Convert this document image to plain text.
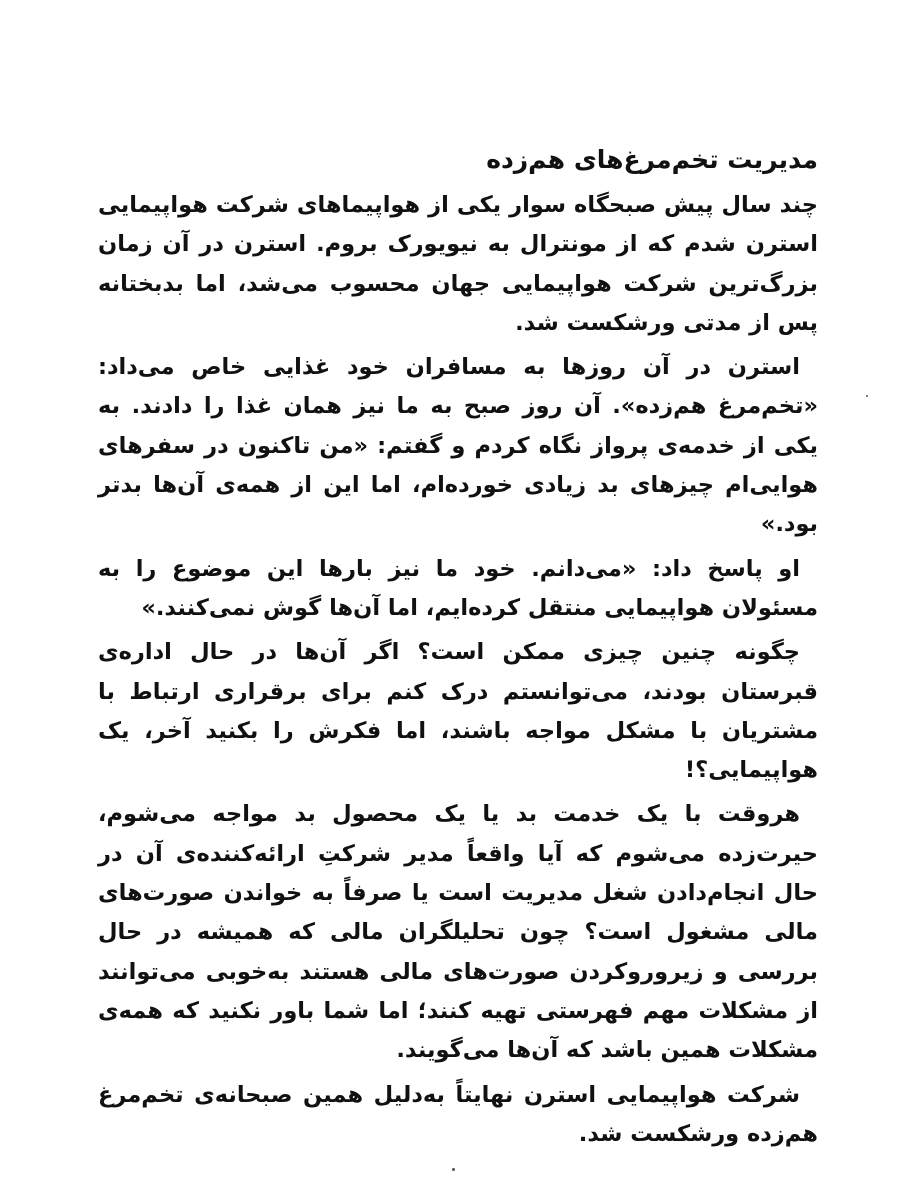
مدیریت تخم‌مرغ‌های هم‌زده

چند سال پیش صبحگاه سوار یکی از هواپیماهای شرکت هواپیمایی استرن شدم که از مونترال به نیویورک بروم. استرن در آن زمان بزرگ‌ترین شرکت هواپیمایی جهان محسوب می‌شد، اما بدبختانه پس از مدتی ورشکست شد.

استرن در آن روزها به مسافران خود غذایی خاص می‌داد: «تخم‌مرغ هم‌زده». آن روز صبح به ما نیز همان غذا را دادند. به یکی از خدمه‌ی پرواز نگاه کردم و گفتم: «من تاکنون در سفرهای هوایی‌ام چیزهای بد زیادی خورده‌ام، اما این از همه‌ی آن‌ها بدتر بود.»

او پاسخ داد: «می‌دانم. خود ما نیز بارها این موضوع را به مسئولان هواپیمایی منتقل کرده‌ایم، اما آن‌ها گوش نمی‌کنند.»

چگونه چنین چیزی ممکن است؟ اگر آن‌ها در حال اداره‌ی قبرستان بودند، می‌توانستم درک کنم برای برقراری ارتباط با مشتریان با مشکل مواجه باشند، اما فکرش را بکنید آخر، یک هواپیمایی؟!

هروقت با یک خدمت بد یا یک محصول بد مواجه می‌شوم، حیرت‌زده می‌شوم که آیا واقعاً مدیر شرکتِ ارائه‌کننده‌ی آن در حال انجام‌دادن شغل مدیریت است یا صرفاً به خواندن صورت‌های مالی مشغول است؟ چون تحلیلگران مالی که همیشه در حال بررسی و زیرورو‌کردن صورت‌های مالی هستند به‌خوبی می‌توانند از مشکلات مهم فهرستی تهیه کنند؛ اما شما باور نکنید که همه‌ی مشکلات همین باشد که آن‌ها می‌گویند.

شرکت هواپیمایی استرن نهایتاً به‌دلیل همین صبحانه‌ی تخم‌مرغ هم‌زده ورشکست شد.
